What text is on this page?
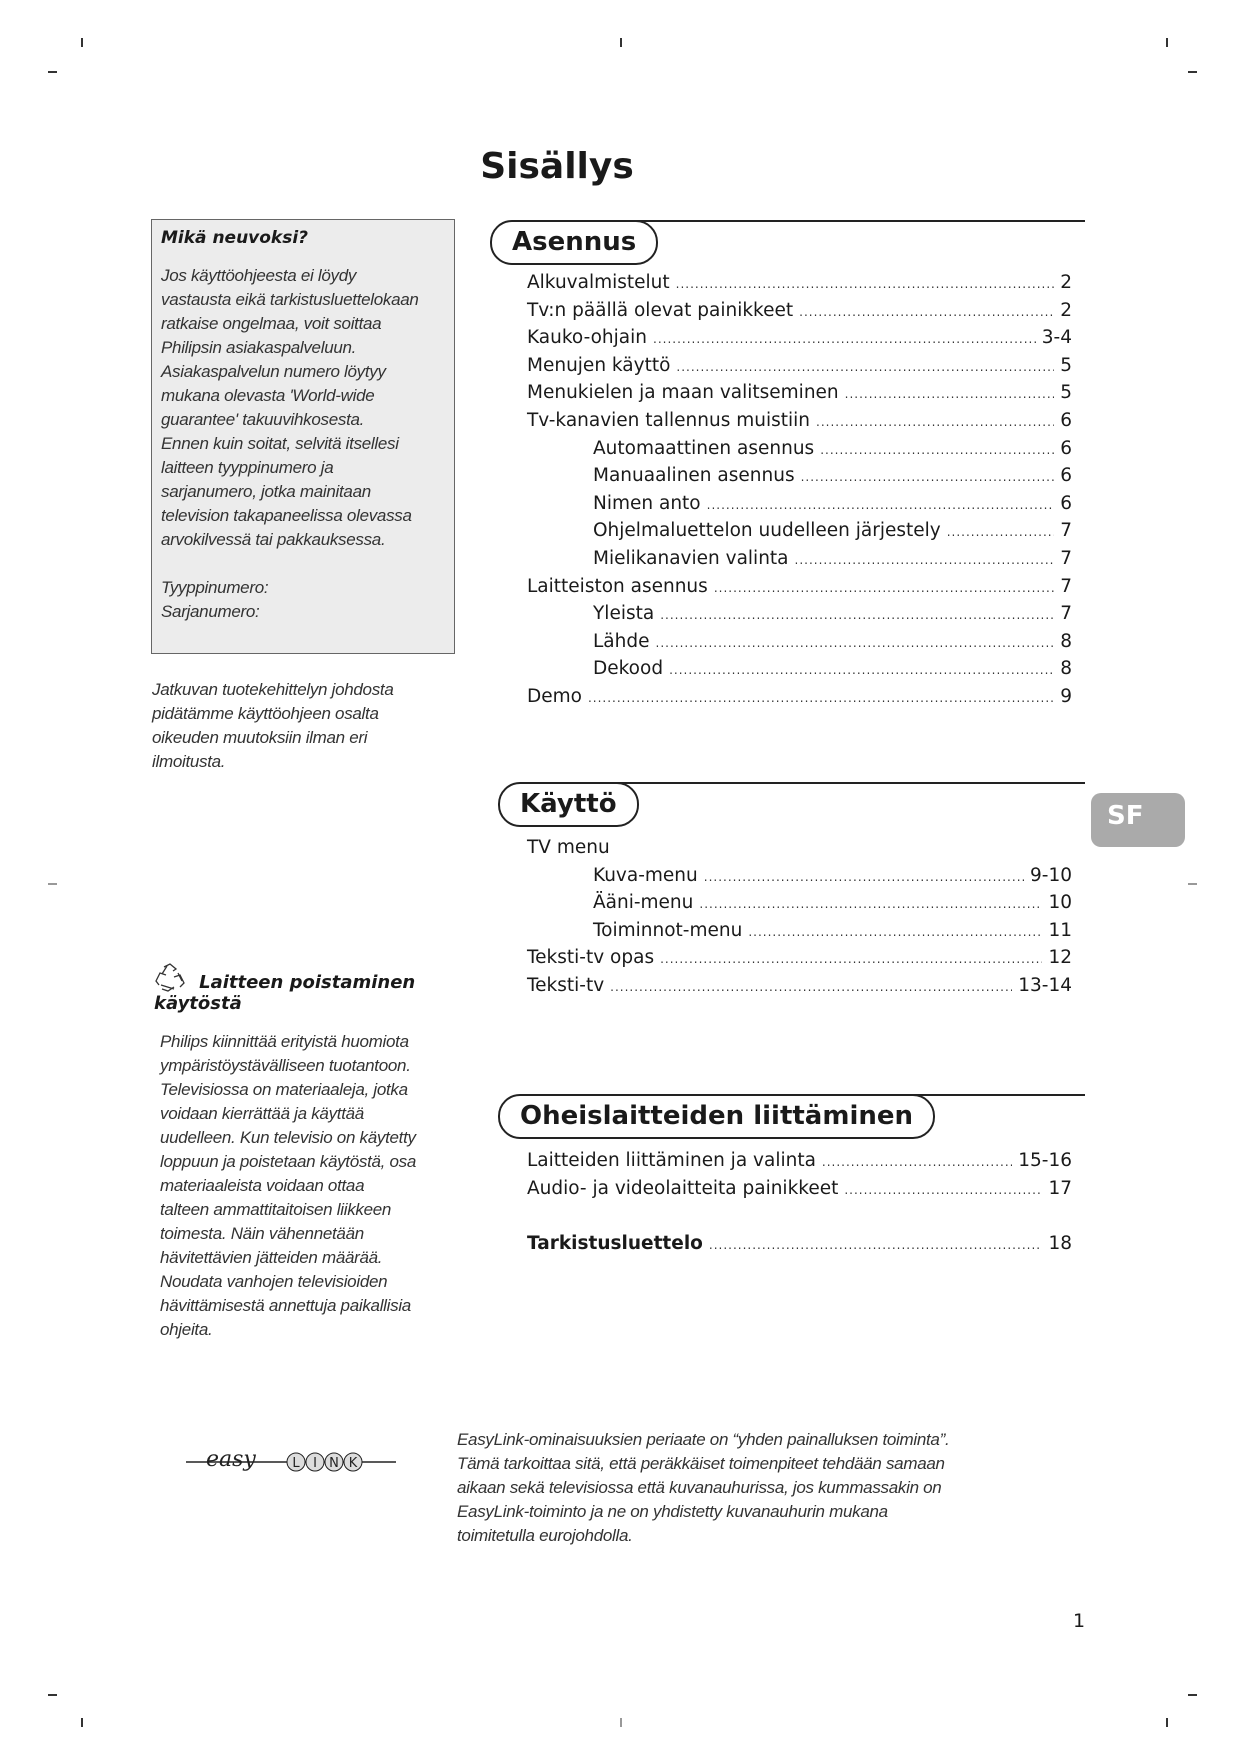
Sisällys
Mikä neuvoksi?
Jos käyttöohjeesta ei löydy
vastausta eikä tarkistusluettelokaan
ratkaise ongelmaa, voit soittaa
Philipsin asiakaspalveluun.
Asiakaspalvelun numero löytyy
mukana olevasta 'World-wide
guarantee' takuuvihkosesta.
Ennen kuin soitat, selvitä itsellesi
laitteen tyyppinumero ja
sarjanumero, jotka mainitaan
television takapaneelissa olevassa
arvokilvessä tai pakkauksessa.
Tyyppinumero:
Sarjanumero:
Jatkuvan tuotekehittelyn johdosta
pidätämme käyttöohjeen osalta
oikeuden muutoksiin ilman eri
ilmoitusta.
Laitteen poistaminen
käytöstä
Philips kiinnittää erityistä huomiota
ympäristöystävälliseen tuotantoon.
Televisiossa on materiaaleja, jotka
voidaan kierrättää ja käyttää
uudelleen. Kun televisio on käytetty
loppuun ja poistetaan käytöstä, osa
materiaaleista voidaan ottaa
talteen ammattitaitoisen liikkeen
toimesta. Näin vähennetään
hävitettävien jätteiden määrää.
Noudata vanhojen televisioiden
hävittämisestä annettuja paikallisia
ohjeita.
Asennus
Alkuvalmistelut .....	2
Tv:n päällä olevat painikkeet .....	2
Kauko-ohjain .....	3-4
Menujen käyttö .....	5
Menukielen ja maan valitseminen .....	5
Tv-kanavien tallennus muistiin .....	6
Automaattinen asennus .....	6
Manuaalinen asennus .....	6
Nimen anto .....	6
Ohjelmaluettelon uudelleen järjestely .....	7
Mielikanavien valinta .....	7
Laitteiston asennus .....	7
Yleista .....	7
Lähde .....	8
Dekood .....	8
Demo .....	9
Käyttö
TV menu
Kuva-menu .....	9-10
Ääni-menu .....	10
Toiminnot-menu .....	11
Teksti-tv opas .....	12
Teksti-tv .....	13-14
Oheislaitteiden liittäminen
Laitteiden liittäminen ja valinta .....	15-16
Audio- ja videolaitteita painikkeet .....	17
Tarkistusluettelo .....	18
SF
easy	L I N K
EasyLink-ominaisuuksien periaate on “yhden painalluksen toiminta”.
Tämä tarkoittaa sitä, että peräkkäiset toimenpiteet tehdään samaan
aikaan sekä televisiossa että kuvanauhurissa, jos kummassakin on
EasyLink-toiminto ja ne on yhdistetty kuvanauhurin mukana
toimitetulla eurojohdolla.
1
